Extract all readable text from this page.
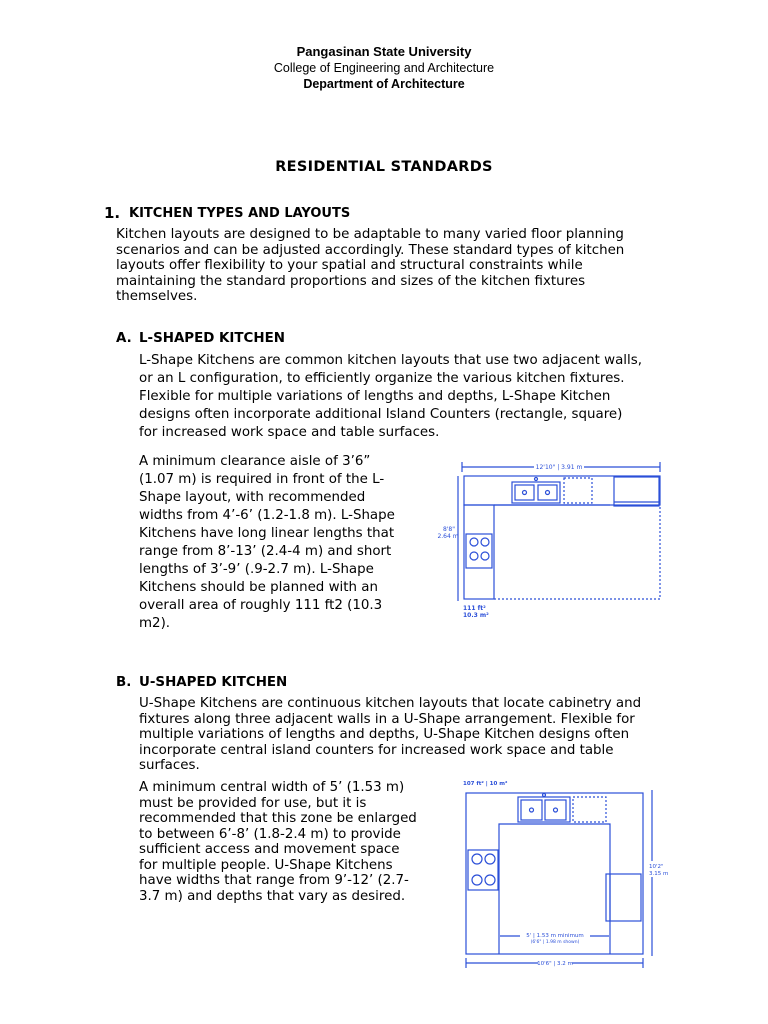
Pangasinan State University
College of Engineering and Architecture
Department of Architecture
RESIDENTIAL STANDARDS
1. KITCHEN TYPES AND LAYOUTS
Kitchen layouts are designed to be adaptable to many varied floor planning
scenarios and can be adjusted accordingly. These standard types of kitchen
layouts offer flexibility to your spatial and structural constraints while
maintaining the standard proportions and sizes of the kitchen fixtures
themselves.
A. L-SHAPED KITCHEN
L-Shape Kitchens are common kitchen layouts that use two adjacent walls,
or an L configuration, to efficiently organize the various kitchen fixtures.
Flexible for multiple variations of lengths and depths, L-Shape Kitchen
designs often incorporate additional Island Counters (rectangle, square)
for increased work space and table surfaces.
A minimum clearance aisle of 3’6”
(1.07 m) is required in front of the L-
Shape layout, with recommended
widths from 4’-6’ (1.2-1.8 m). L-Shape
Kitchens have long linear lengths that
range from 8’-13’ (2.4-4 m) and short
lengths of 3’-9’ (.9-2.7 m). L-Shape
Kitchens should be planned with an
overall area of roughly 111 ft2 (10.3
m2).
12'10" | 3.91 m
8'8"
2.64 m
111 ft²
10.3 m²
B. U-SHAPED KITCHEN
U-Shape Kitchens are continuous kitchen layouts that locate cabinetry and
fixtures along three adjacent walls in a U-Shape arrangement. Flexible for
multiple variations of lengths and depths, U-Shape Kitchen designs often
incorporate central island counters for increased work space and table
surfaces.
A minimum central width of 5’ (1.53 m)
must be provided for use, but it is
recommended that this zone be enlarged
to between 6’-8’ (1.8-2.4 m) to provide
sufficient access and movement space
for multiple people. U-Shape Kitchens
have widths that range from 9’-12’ (2.7-
3.7 m) and depths that vary as desired.
107 ft² | 10 m²
10'2"
3.15 m
5' | 1.53 m minimum
(6'6" | 1.98 m shown)
10'6" | 3.2 m
